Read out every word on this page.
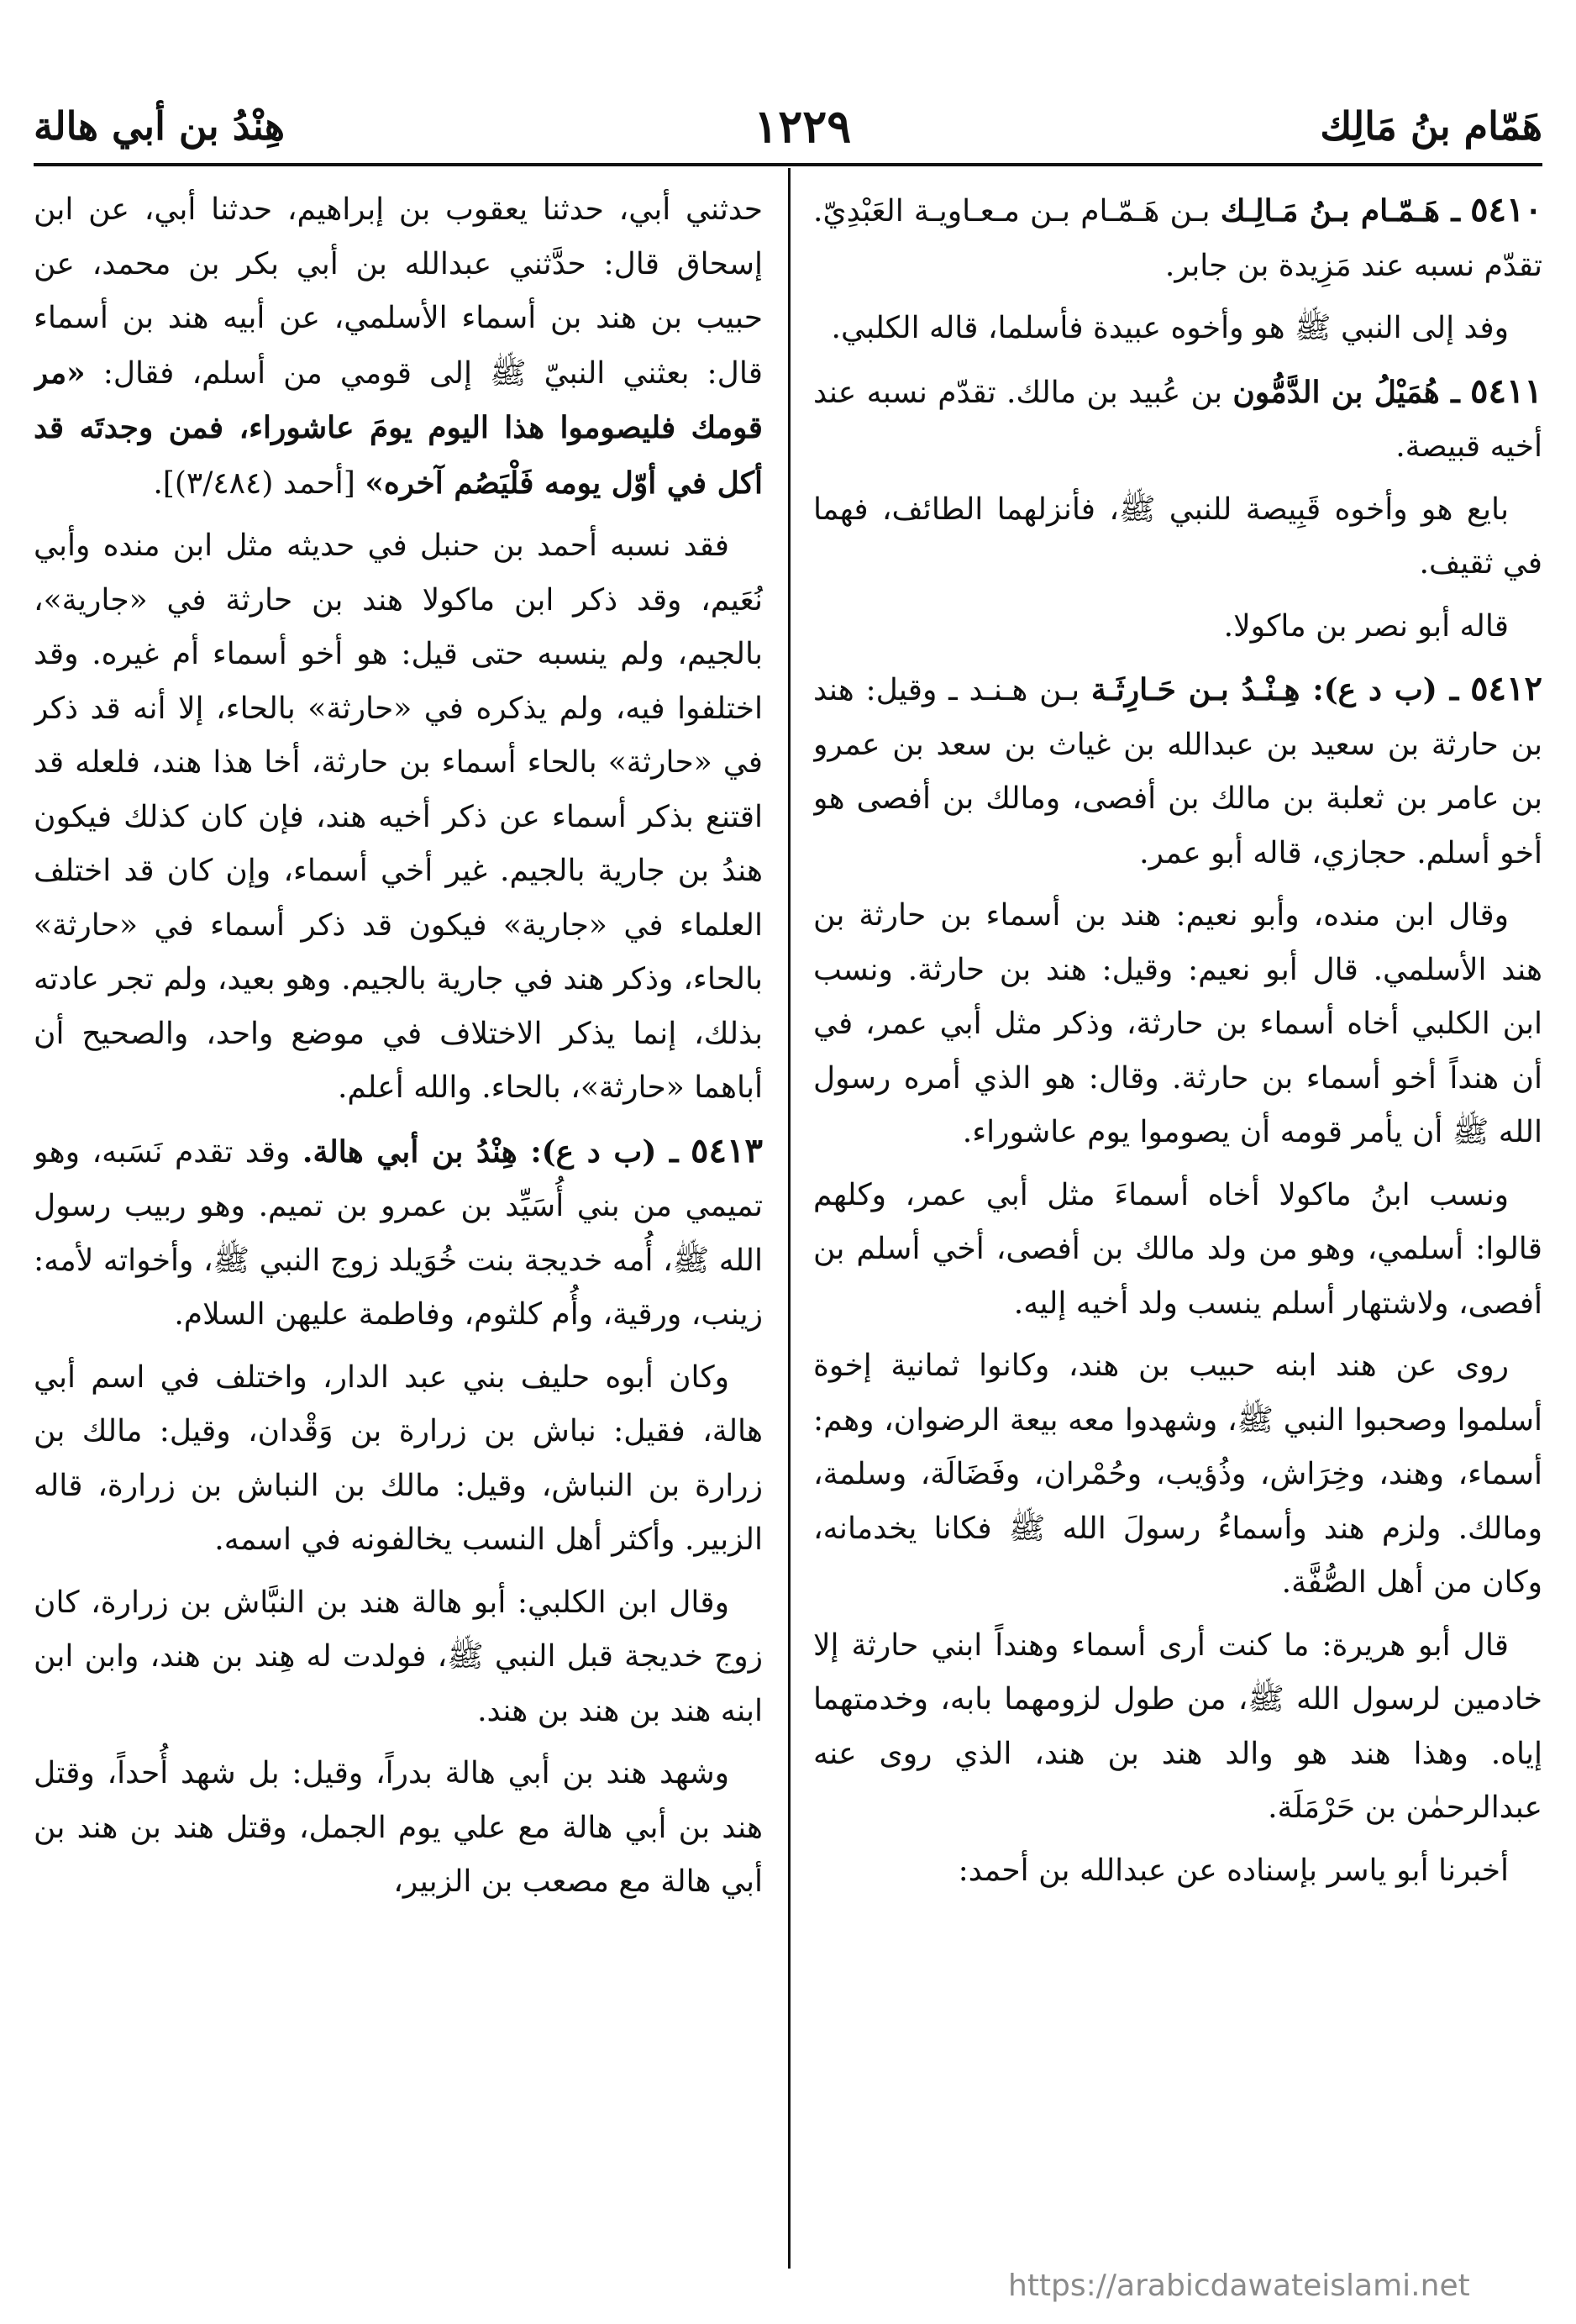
هَمّام بنُ مَالِك
١٢٢٩
هِنْدُ بن أبي هالة

٥٤١٠ ـ هَـمّـام بـنُ مَـالِـك بـن هَـمّـام بـن مـعـاويـة العَبْدِيّ. تقدّم نسبه عند مَزِيدة بن جابر.

وفد إلى النبي ﷺ هو وأخوه عبيدة فأسلما، قاله الكلبي.

٥٤١١ ـ هُمَيْلُ بن الدَّمُّون بن عُبيد بن مالك. تقدّم نسبه عند أخيه قبيصة.

بايع هو وأخوه قَبِيصة للنبي ﷺ، فأنزلهما الطائف، فهما في ثقيف.

قاله أبو نصر بن ماكولا.

٥٤١٢ ـ (ب د ع): هِـنْـدُ بـن حَـارِثَـة بـن هـنـد ـ وقيل: هند بن حارثة بن سعيد بن عبدالله بن غياث بن سعد بن عمرو بن عامر بن ثعلبة بن مالك بن أفصى، ومالك بن أفصى هو أخو أسلم. حجازي، قاله أبو عمر.

وقال ابن منده، وأبو نعيم: هند بن أسماء بن حارثة بن هند الأسلمي. قال أبو نعيم: وقيل: هند بن حارثة. ونسب ابن الكلبي أخاه أسماء بن حارثة، وذكر مثل أبي عمر، في أن هنداً أخو أسماء بن حارثة. وقال: هو الذي أمره رسول الله ﷺ أن يأمر قومه أن يصوموا يوم عاشوراء.

ونسب ابنُ ماكولا أخاه أسماءَ مثل أبي عمر، وكلهم قالوا: أسلمي، وهو من ولد مالك بن أفصى، أخي أسلم بن أفصى، ولاشتهار أسلم ينسب ولد أخيه إليه.

روى عن هند ابنه حبيب بن هند، وكانوا ثمانية إخوة أسلموا وصحبوا النبي ﷺ، وشهدوا معه بيعة الرضوان، وهم: أسماء، وهند، وخِرَاش، وذُؤيب، وحُمْران، وفَضَالَة، وسلمة، ومالك. ولزم هند وأسماءُ رسولَ الله ﷺ فكانا يخدمانه، وكان من أهل الصُّفَّة.

قال أبو هريرة: ما كنت أرى أسماء وهنداً ابني حارثة إلا خادمين لرسول الله ﷺ، من طول لزومهما بابه، وخدمتهما إياه. وهذا هند هو والد هند بن هند، الذي روى عنه عبدالرحمٰن بن حَرْمَلَة.

أخبرنا أبو ياسر بإسناده عن عبدالله بن أحمد:

حدثني أبي، حدثنا يعقوب بن إبراهيم، حدثنا أبي، عن ابن إسحاق قال: حدَّثني عبدالله بن أبي بكر بن محمد، عن حبيب بن هند بن أسماء الأسلمي، عن أبيه هند بن أسماء قال: بعثني النبيّ ﷺ إلى قومي من أسلم، فقال: «مر قومك فليصوموا هذا اليوم يومَ عاشوراء، فمن وجدتَه قد أكل في أوّل يومه فَلْيَصُم آخره» [أحمد (٣/٤٨٤)].

فقد نسبه أحمد بن حنبل في حديثه مثل ابن منده وأبي نُعَيم، وقد ذكر ابن ماكولا هند بن حارثة في «جارية»، بالجيم، ولم ينسبه حتى قيل: هو أخو أسماء أم غيره. وقد اختلفوا فيه، ولم يذكره في «حارثة» بالحاء، إلا أنه قد ذكر في «حارثة» بالحاء أسماء بن حارثة، أخا هذا هند، فلعله قد اقتنع بذكر أسماء عن ذكر أخيه هند، فإن كان كذلك فيكون هندُ بن جارية بالجيم. غير أخي أسماء، وإن كان قد اختلف العلماء في «جارية» فيكون قد ذكر أسماء في «حارثة» بالحاء، وذكر هند في جارية بالجيم. وهو بعيد، ولم تجر عادته بذلك، إنما يذكر الاختلاف في موضع واحد، والصحيح أن أباهما «حارثة»، بالحاء. والله أعلم.

٥٤١٣ ـ (ب د ع): هِنْدُ بن أبي هالة. وقد تقدم نَسَبه، وهو تميمي من بني أُسَيِّد بن عمرو بن تميم. وهو ربيب رسول الله ﷺ، أُمه خديجة بنت خُوَيلد زوج النبي ﷺ، وأخواته لأمه: زينب، ورقية، وأُم كلثوم، وفاطمة عليهن السلام.

وكان أبوه حليف بني عبد الدار، واختلف في اسم أبي هالة، فقيل: نباش بن زرارة بن وَقْدان، وقيل: مالك بن زرارة بن النباش، وقيل: مالك بن النباش بن زرارة، قاله الزبير. وأكثر أهل النسب يخالفونه في اسمه.

وقال ابن الكلبي: أبو هالة هند بن النبَّاش بن زرارة، كان زوج خديجة قبل النبي ﷺ، فولدت له هِند بن هند، وابن ابن ابنه هند بن هند بن هند.

وشهد هند بن أبي هالة بدراً، وقيل: بل شهد أُحداً، وقتل هند بن أبي هالة مع علي يوم الجمل، وقتل هند بن هند بن أبي هالة مع مصعب بن الزبير،

https://arabicdawateislami.net
